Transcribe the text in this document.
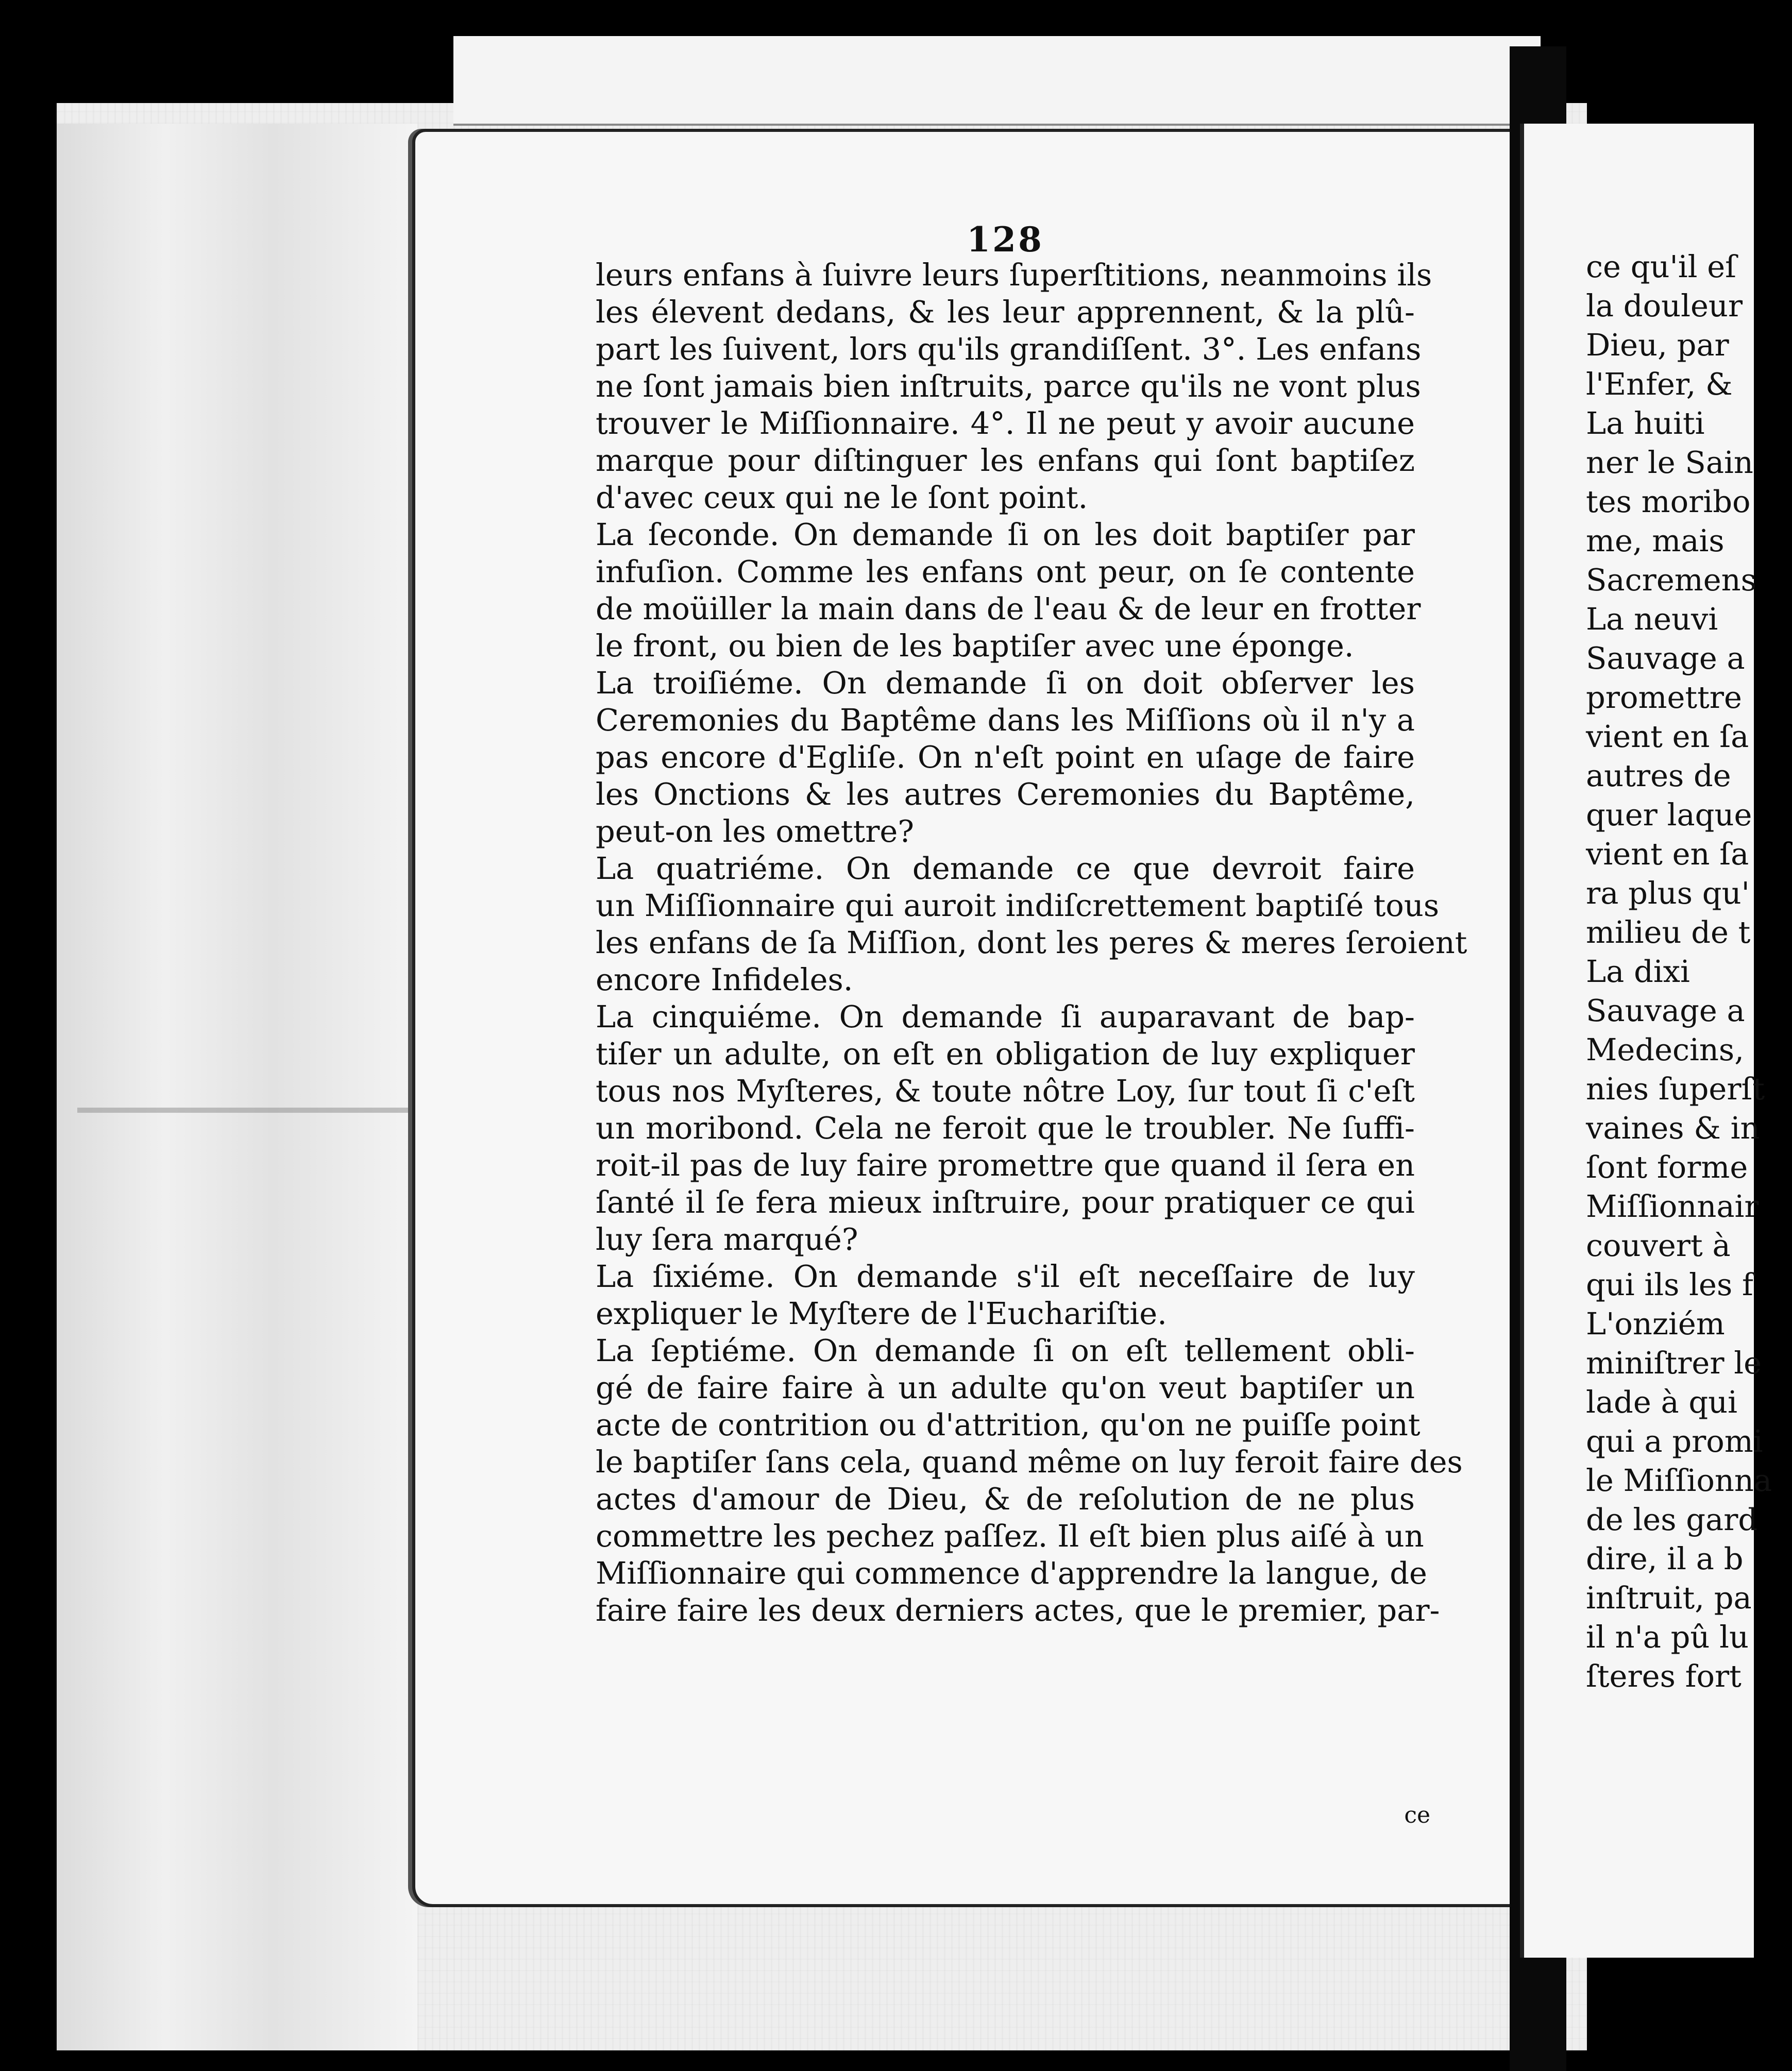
128
leurs enfans à ſuivre leurs ſuperſtitions, neanmoins ils
les élevent dedans, & les leur apprennent, & la plû-
part les ſuivent, lors qu'ils grandiſſent. 3°. Les enfans
ne ſont jamais bien inſtruits, parce qu'ils ne vont plus
trouver le Miſſionnaire. 4°. Il ne peut y avoir aucune
marque pour diſtinguer les enfans qui ſont baptiſez
d'avec ceux qui ne le ſont point.
La ſeconde. On demande ſi on les doit baptiſer par
infuſion. Comme les enfans ont peur, on ſe contente
de moüiller la main dans de l'eau & de leur en frotter
le front, ou bien de les baptiſer avec une éponge.
La troiſiéme. On demande ſi on doit obſerver les
Ceremonies du Baptême dans les Miſſions où il n'y a
pas encore d'Egliſe. On n'eſt point en uſage de faire
les Onctions & les autres Ceremonies du Baptême,
peut-on les omettre?
La quatriéme. On demande ce que devroit faire
un Miſſionnaire qui auroit indiſcrettement baptiſé tous
les enfans de ſa Miſſion, dont les peres & meres ſeroient
encore Infideles.
La cinquiéme. On demande ſi auparavant de bap-
tiſer un adulte, on eſt en obligation de luy expliquer
tous nos Myſteres, & toute nôtre Loy, ſur tout ſi c'eſt
un moribond. Cela ne feroit que le troubler. Ne ſuffi-
roit-il pas de luy faire promettre que quand il ſera en
ſanté il ſe fera mieux inſtruire, pour pratiquer ce qui
luy ſera marqué?
La ſixiéme. On demande s'il eſt neceſſaire de luy
expliquer le Myſtere de l'Euchariſtie.
La ſeptiéme. On demande ſi on eſt tellement obli-
gé de faire faire à un adulte qu'on veut baptiſer un
acte de contrition ou d'attrition, qu'on ne puiſſe point
le baptiſer ſans cela, quand même on luy feroit faire des
actes d'amour de Dieu, & de reſolution de ne plus
commettre les pechez paſſez. Il eſt bien plus aiſé à un
Miſſionnaire qui commence d'apprendre la langue, de
faire faire les deux derniers actes, que le premier, par-
ce
ce qu'il eſ
la douleur
Dieu, par
l'Enfer, &
La huiti
ner le Sain
tes moribo
me, mais
Sacremens
La neuvi
Sauvage a
promettre
vient en ſa
autres de
quer laque
vient en ſa
ra plus qu'
milieu de t
La dixi
Sauvage a
Medecins,
nies ſuperſt
vaines & in
ſont forme
Miſſionnair
couvert à
qui ils les f
L'onziém
miniſtrer le
lade à qui
qui a promi
le Miſſionna
de les gard
dire, il a b
inſtruit, pa
il n'a pû lu
ſteres fort
